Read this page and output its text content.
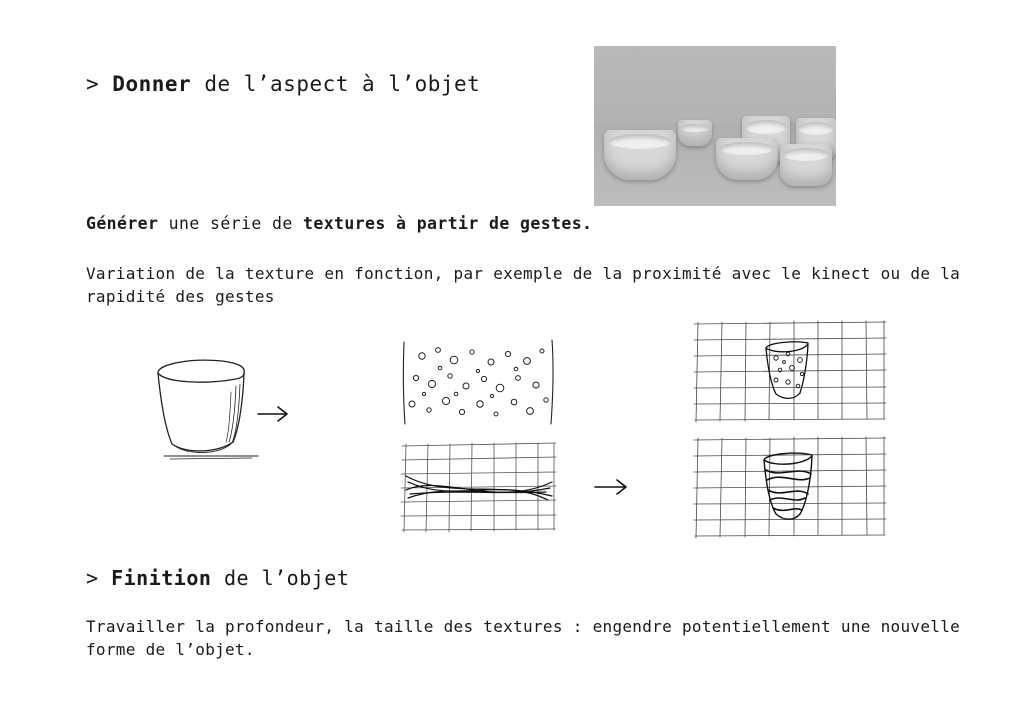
> Donner de l’aspect à l’objet
Générer une série de textures à partir de gestes.
Variation de la texture en fonction, par exemple de la proximité avec le kinect ou de la rapidité des gestes
> Finition de l’objet
Travailler la profondeur, la taille des textures : engendre potentiellement une nouvelle forme de l’objet.
